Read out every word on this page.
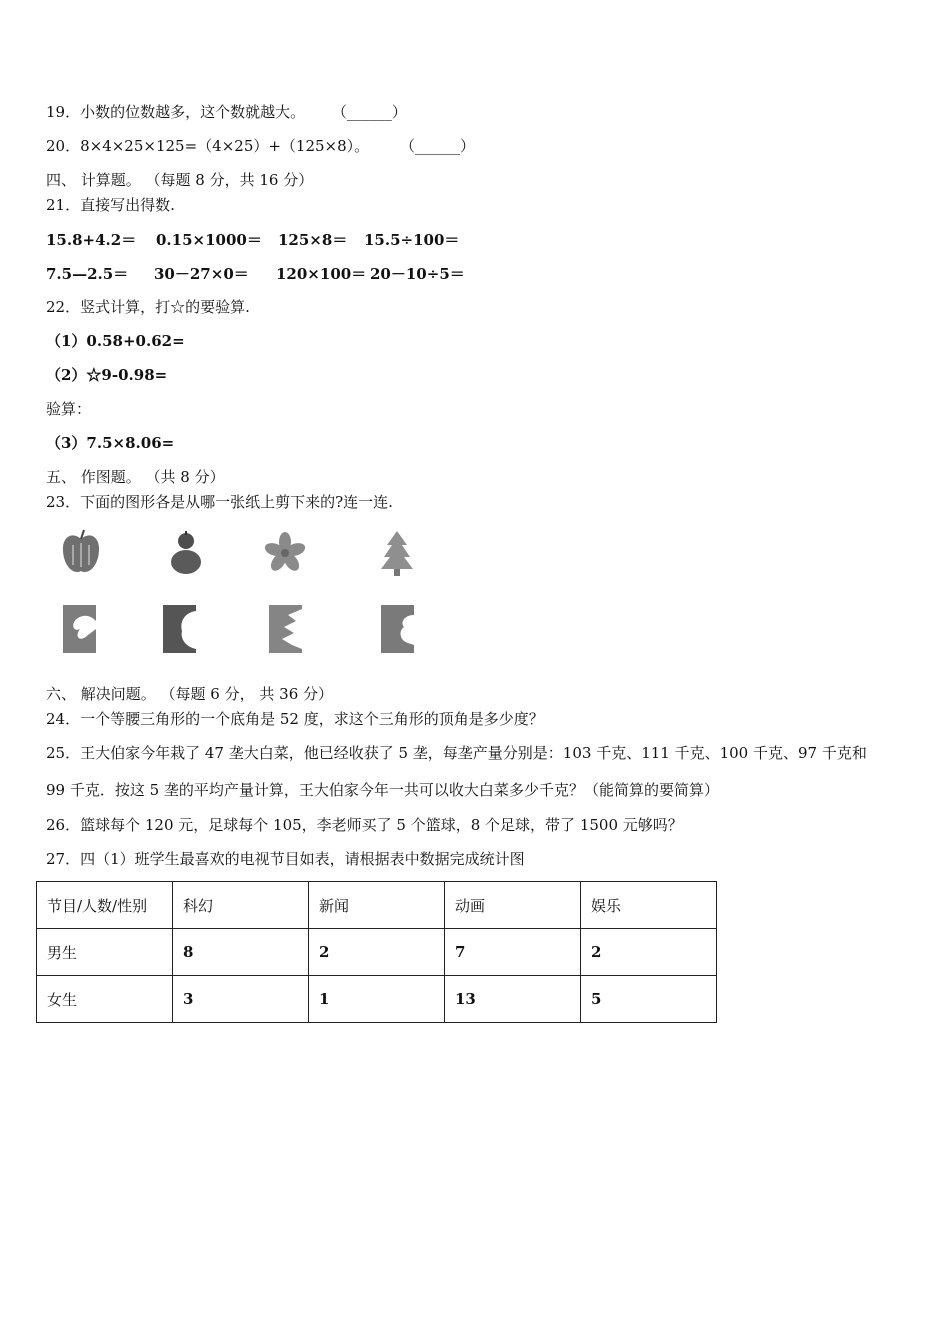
19．小数的位数越多，这个数就越大。 （______）
20．8×4×25×125=（4×25）+（125×8）。 （______）
四、 计算题。 （每题 8 分，共 16 分）
21．直接写出得数.
15.8+4.2＝ 0.15×1000＝ 125×8＝ 15.5÷100＝
7.5—2.5＝ 30－27×0＝ 120×100＝ 20－10÷5＝
22．竖式计算，打☆的要验算.
（1）0.58+0.62=
（2）☆9-0.98=
验算：
（3）7.5×8.06=
五、 作图题。 （共 8 分）
23．下面的图形各是从哪一张纸上剪下来的?连一连.
六、 解决问题。 （每题 6 分， 共 36 分）
24．一个等腰三角形的一个底角是 52 度，求这个三角形的顶角是多少度？
25．王大伯家今年栽了 47 垄大白菜，他已经收获了 5 垄，每垄产量分别是：103 千克、111 千克、100 千克、97 千克和
99 千克．按这 5 垄的平均产量计算，王大伯家今年一共可以收大白菜多少千克？（能简算的要简算）
26．篮球每个 120 元，足球每个 105，李老师买了 5 个篮球，8 个足球，带了 1500 元够吗？
27．四（1）班学生最喜欢的电视节目如表，请根据表中数据完成统计图
节目/人数/性别	科幻	新闻	动画	娱乐
男生	8	2	7	2
女生	3	1	13	5
